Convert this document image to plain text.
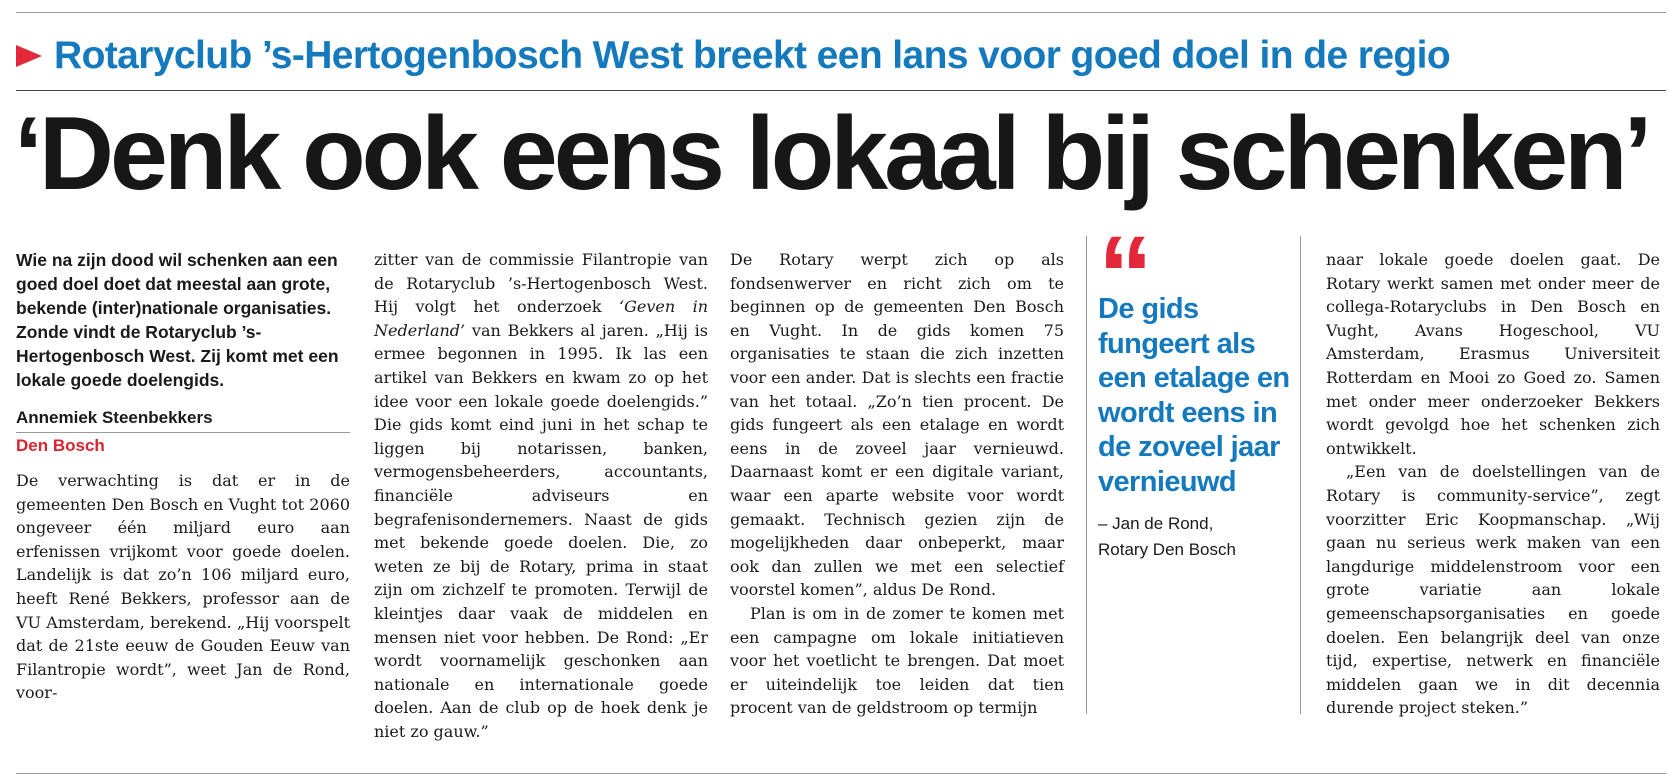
Rotaryclub ’s-Hertogenbosch West breekt een lans voor goed doel in de regio
‘Denk ook eens lokaal bij schenken’

Wie na zijn dood wil schenken aan een goed doel doet dat meestal aan grote, bekende (inter)nationale organisaties. Zonde vindt de Rotaryclub ’s-Hertogenbosch West. Zij komt met een lokale goede doelengids.

Annemiek Steenbekkers
Den Bosch

De verwachting is dat er in de gemeenten Den Bosch en Vught tot 2060 ongeveer één miljard euro aan erfenissen vrijkomt voor goede doelen. Landelijk is dat zo’n 106 miljard euro, heeft René Bekkers, professor aan de VU Amsterdam, berekend. „Hij voorspelt dat de 21ste eeuw de Gouden Eeuw van Filantropie wordt”, weet Jan de Rond, voor-

zitter van de commissie Filantropie van de Rotaryclub ’s-Hertogenbosch West. Hij volgt het onderzoek ‘Geven in Nederland’ van Bekkers al jaren. „Hij is ermee begonnen in 1995. Ik las een artikel van Bekkers en kwam zo op het idee voor een lokale goede doelengids.” Die gids komt eind juni in het schap te liggen bij notarissen, banken, vermogensbeheerders, accountants, financiële adviseurs en begrafenisondernemers. Naast de gids met bekende goede doelen. Die, zo weten ze bij de Rotary, prima in staat zijn om zichzelf te promoten. Terwijl de kleintjes daar vaak de middelen en mensen niet voor hebben. De Rond: „Er wordt voornamelijk geschonken aan nationale en internationale goede doelen. Aan de club op de hoek denk je niet zo gauw.”

De Rotary werpt zich op als fondsenwerver en richt zich om te beginnen op de gemeenten Den Bosch en Vught. In de gids komen 75 organisaties te staan die zich inzetten voor een ander. Dat is slechts een fractie van het totaal. „Zo’n tien procent. De gids fungeert als een etalage en wordt eens in de zoveel jaar vernieuwd. Daarnaast komt er een digitale variant, waar een aparte website voor wordt gemaakt. Technisch gezien zijn de mogelijkheden daar onbeperkt, maar ook dan zullen we met een selectief voorstel komen”, aldus De Rond.

Plan is om in de zomer te komen met een campagne om lokale initiatieven voor het voetlicht te brengen. Dat moet er uiteindelijk toe leiden dat tien procent van de geldstroom op termijn

De gids fungeert als een etalage en wordt eens in de zoveel jaar vernieuwd
– Jan de Rond,
Rotary Den Bosch

naar lokale goede doelen gaat. De Rotary werkt samen met onder meer de collega-Rotaryclubs in Den Bosch en Vught, Avans Hogeschool, VU Amsterdam, Erasmus Universiteit Rotterdam en Mooi zo Goed zo. Samen met onder meer onderzoeker Bekkers wordt gevolgd hoe het schenken zich ontwikkelt.

„Een van de doelstellingen van de Rotary is community-service”, zegt voorzitter Eric Koopmanschap. „Wij gaan nu serieus werk maken van een langdurige middelenstroom voor een grote variatie aan lokale gemeenschapsorganisaties en goede doelen. Een belangrijk deel van onze tijd, expertise, netwerk en financiële middelen gaan we in dit decennia durende project steken.”
